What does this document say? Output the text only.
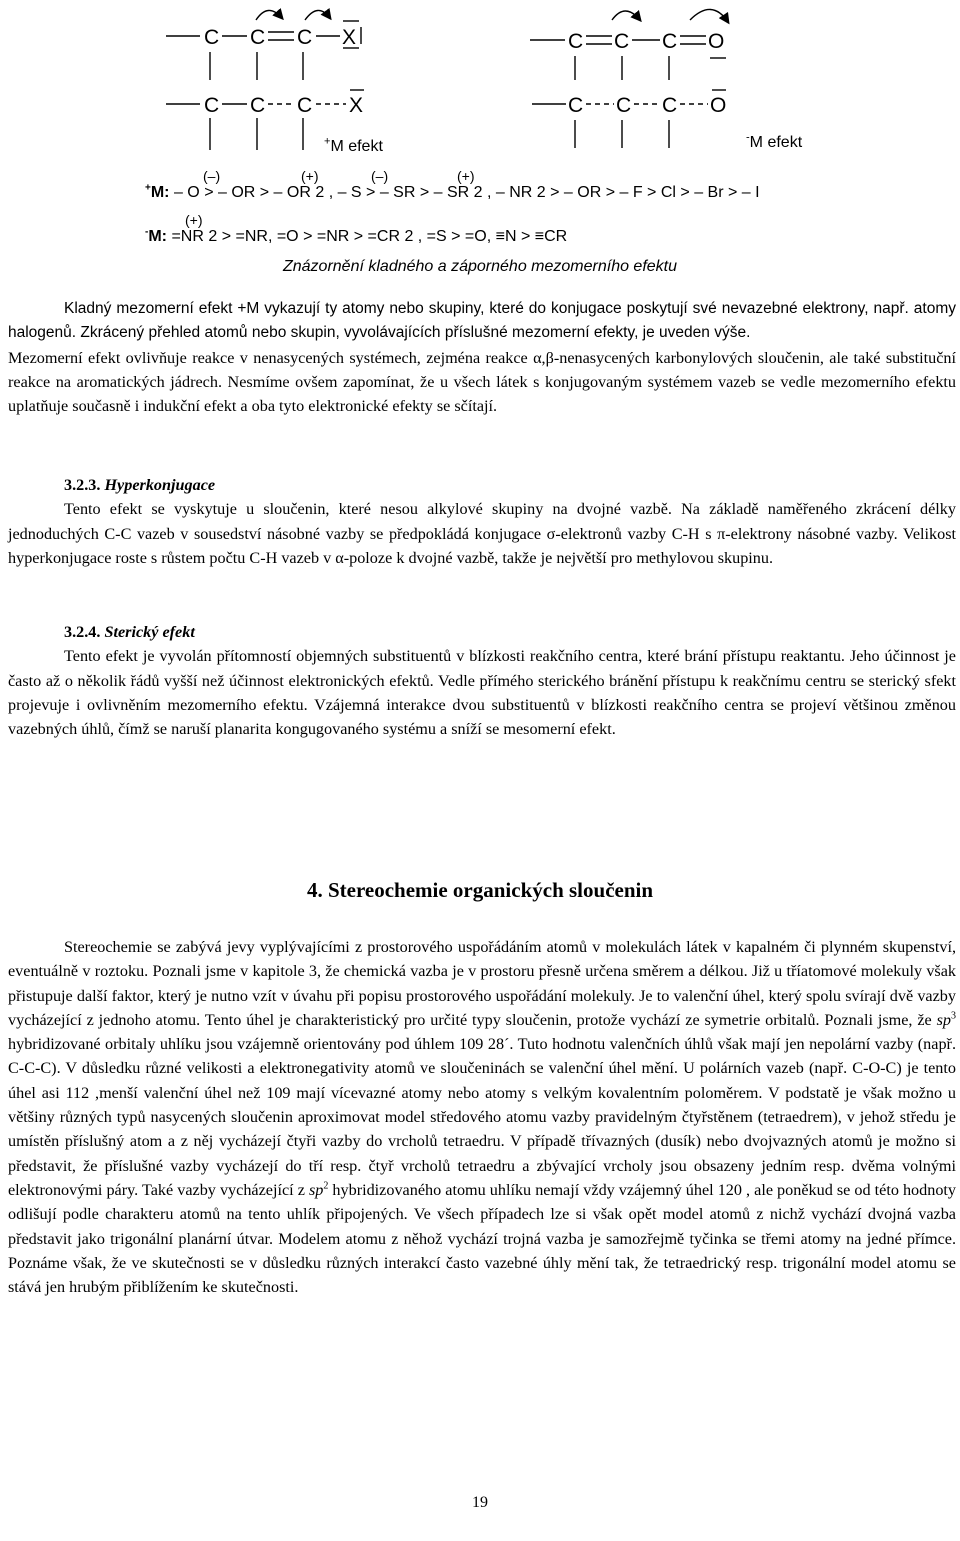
C C C X
C C C X
C C C O
C C C O
+M efekt
-M efekt
(–)	(+)	(–)	(+)
+M: – O > – OR > – OR 2 , – S > – SR > – SR 2 , – NR 2 > – OR > – F > Cl > – Br > – I
(+)
-M: =NR 2 > =NR, =O > =NR > =CR 2 , =S > =O, ≡N > ≡CR
Znázornění kladného a záporného mezomerního efektu

Kladný mezomerní efekt +M vykazují ty atomy nebo skupiny, které do konjugace poskytují své nevazebné elektrony, např. atomy halogenů. Zkrácený přehled atomů nebo skupin, vyvolávajících příslušné mezomerní efekty, je uveden výše.

Mezomerní efekt ovlivňuje reakce v nenasycených systémech, zejména reakce α,β-nenasycených karbonylových sloučenin, ale také substituční reakce na aromatických jádrech. Nesmíme ovšem zapomínat, že u všech látek s konjugovaným systémem vazeb se vedle mezomerního efektu uplatňuje současně i indukční efekt a oba tyto elektronické efekty se sčítají.

3.2.3. Hyperkonjugace

Tento efekt se vyskytuje u sloučenin, které nesou alkylové skupiny na dvojné vazbě. Na základě naměřeného zkrácení délky jednoduchých C-C vazeb v sousedství násobné vazby se předpokládá konjugace σ-elektronů vazby C-H s π-elektrony násobné vazby. Velikost hyperkonjugace roste s růstem počtu C-H vazeb v α-poloze k dvojné vazbě, takže je největší pro methylovou skupinu.

3.2.4. Sterický efekt

Tento efekt je vyvolán přítomností objemných substituentů v blízkosti reakčního centra, které brání přístupu reaktantu. Jeho účinnost je často až o několik řádů vyšší než účinnost elektronických efektů. Vedle přímého sterického bránění přístupu k reakčnímu centru se sterický sfekt projevuje i ovlivněním mezomerního efektu. Vzájemná interakce dvou substituentů v blízkosti reakčního centra se projeví většinou změnou vazebných úhlů, čímž se naruší planarita kongugovaného systému a sníží se mesomerní efekt.

4. Stereochemie organických sloučenin

Stereochemie se zabývá jevy vyplývajícími z prostorového uspořádáním atomů v molekulách látek v kapalném či plynném skupenství, eventuálně v roztoku. Poznali jsme v kapitole 3, že chemická vazba je v prostoru přesně určena směrem a délkou. Již u tříatomové molekuly však přistupuje další faktor, který je nutno vzít v úvahu při popisu prostorového uspořádání molekuly. Je to valenční úhel, který spolu svírají dvě vazby vycházející z jednoho atomu. Tento úhel je charakteristický pro určité typy sloučenin, protože vychází ze symetrie orbitalů. Poznali jsme, že $sp^3$ hybridizované orbitaly uhlíku jsou vzájemně orientovány pod úhlem 109 28´. Tuto hodnotu valenčních úhlů však mají jen nepolární vazby (např. C-C-C). V důsledku různé velikosti a elektronegativity atomů ve sloučeninách se valenční úhel mění. U polárních vazeb (např. C-O-C) je tento úhel asi 112 ,menší valenční úhel než 109 mají vícevazné atomy nebo atomy s velkým kovalentním poloměrem. V podstatě je však možno u většiny různých typů nasycených sloučenin aproximovat model středového atomu vazby pravidelným čtyřstěnem (tetraedrem), v jehož středu je umístěn příslušný atom a z něj vycházejí čtyři vazby do vrcholů tetraedru. V případě třívazných (dusík) nebo dvojvazných atomů je možno si představit, že příslušné vazby vycházejí do tří resp. čtyř vrcholů tetraedru a zbývající vrcholy jsou obsazeny jedním resp. dvěma volnými elektronovými páry. Také vazby vycházející z $sp^2$ hybridizovaného atomu uhlíku nemají vždy vzájemný úhel 120 , ale poněkud se od této hodnoty odlišují podle charakteru atomů na tento uhlík připojených. Ve všech případech lze si však opět model atomů z nichž vychází dvojná vazba představit jako trigonální planární útvar. Modelem atomu z něhož vychází trojná vazba je samozřejmě tyčinka se třemi atomy na jedné přímce. Poznáme však, že ve skutečnosti se v důsledku různých interakcí často vazebné úhly mění tak, že tetraedrický resp. trigonální model atomu se stává jen hrubým přiblížením ke skutečnosti.

19
